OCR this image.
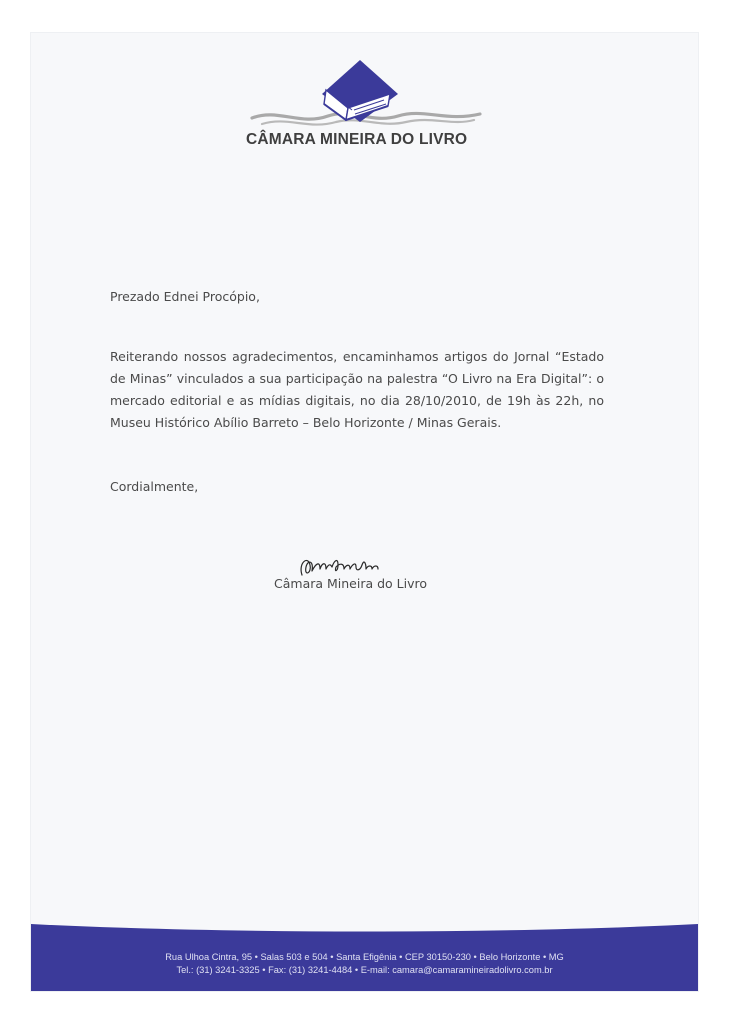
CÂMARA MINEIRA DO LIVRO
Prezado Ednei Procópio,
Reiterando nossos agradecimentos, encaminhamos artigos do Jornal “Estado de Minas” vinculados a sua participação na palestra “O Livro na Era Digital”: o mercado editorial e as mídias digitais, no dia 28/10/2010, de 19h às 22h, no Museu Histórico Abílio Barreto – Belo Horizonte / Minas Gerais.
Cordialmente,
Câmara Mineira do Livro
Rua Ulhoa Cintra, 95 • Salas 503 e 504 • Santa Efigênia • CEP 30150-230 • Belo Horizonte • MG
Tel.: (31) 3241-3325 • Fax: (31) 3241-4484 • E-mail: camara@camaramineiradolivro.com.br
